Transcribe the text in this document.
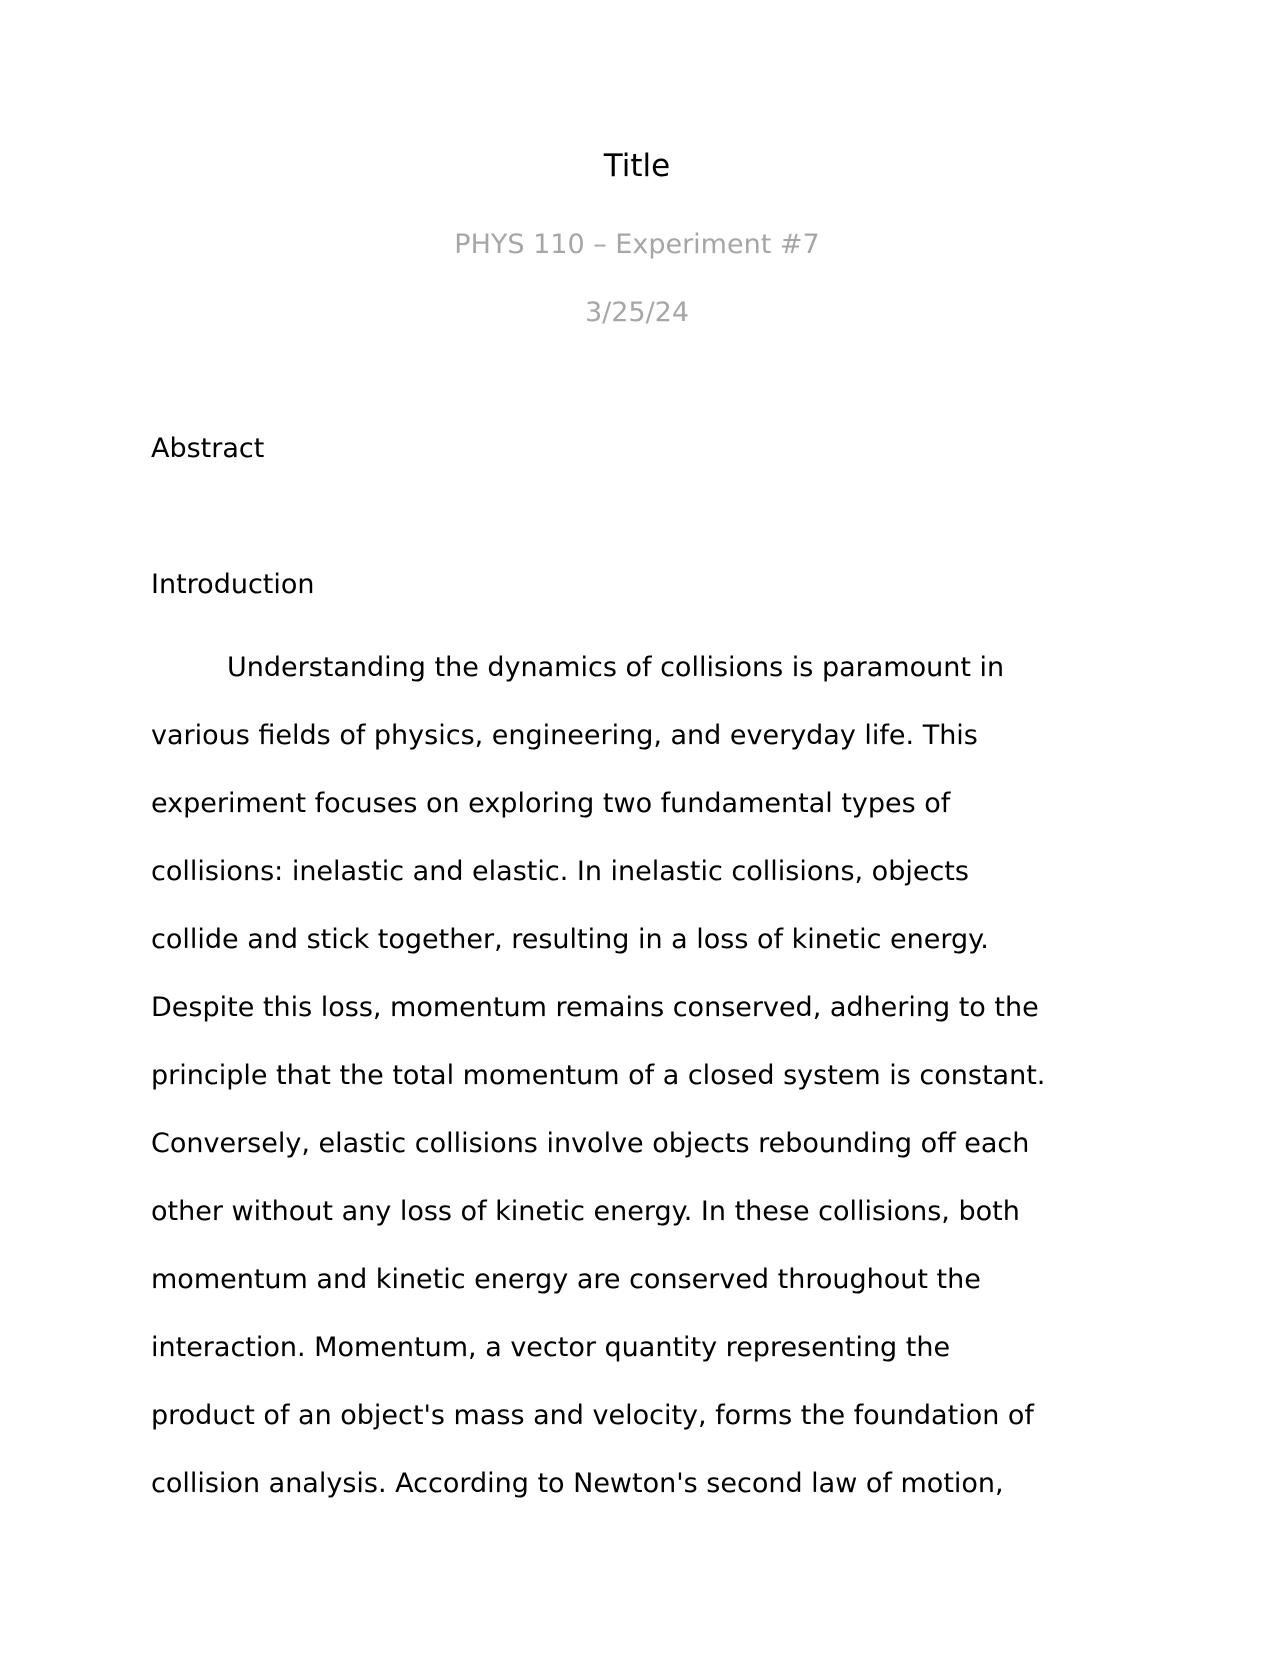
Title
PHYS 110 – Experiment #7
3/25/24
Abstract
Introduction
Understanding the dynamics of collisions is paramount in
various fields of physics, engineering, and everyday life. This
experiment focuses on exploring two fundamental types of
collisions: inelastic and elastic. In inelastic collisions, objects
collide and stick together, resulting in a loss of kinetic energy.
Despite this loss, momentum remains conserved, adhering to the
principle that the total momentum of a closed system is constant.
Conversely, elastic collisions involve objects rebounding off each
other without any loss of kinetic energy. In these collisions, both
momentum and kinetic energy are conserved throughout the
interaction. Momentum, a vector quantity representing the
product of an object's mass and velocity, forms the foundation of
collision analysis. According to Newton's second law of motion,
